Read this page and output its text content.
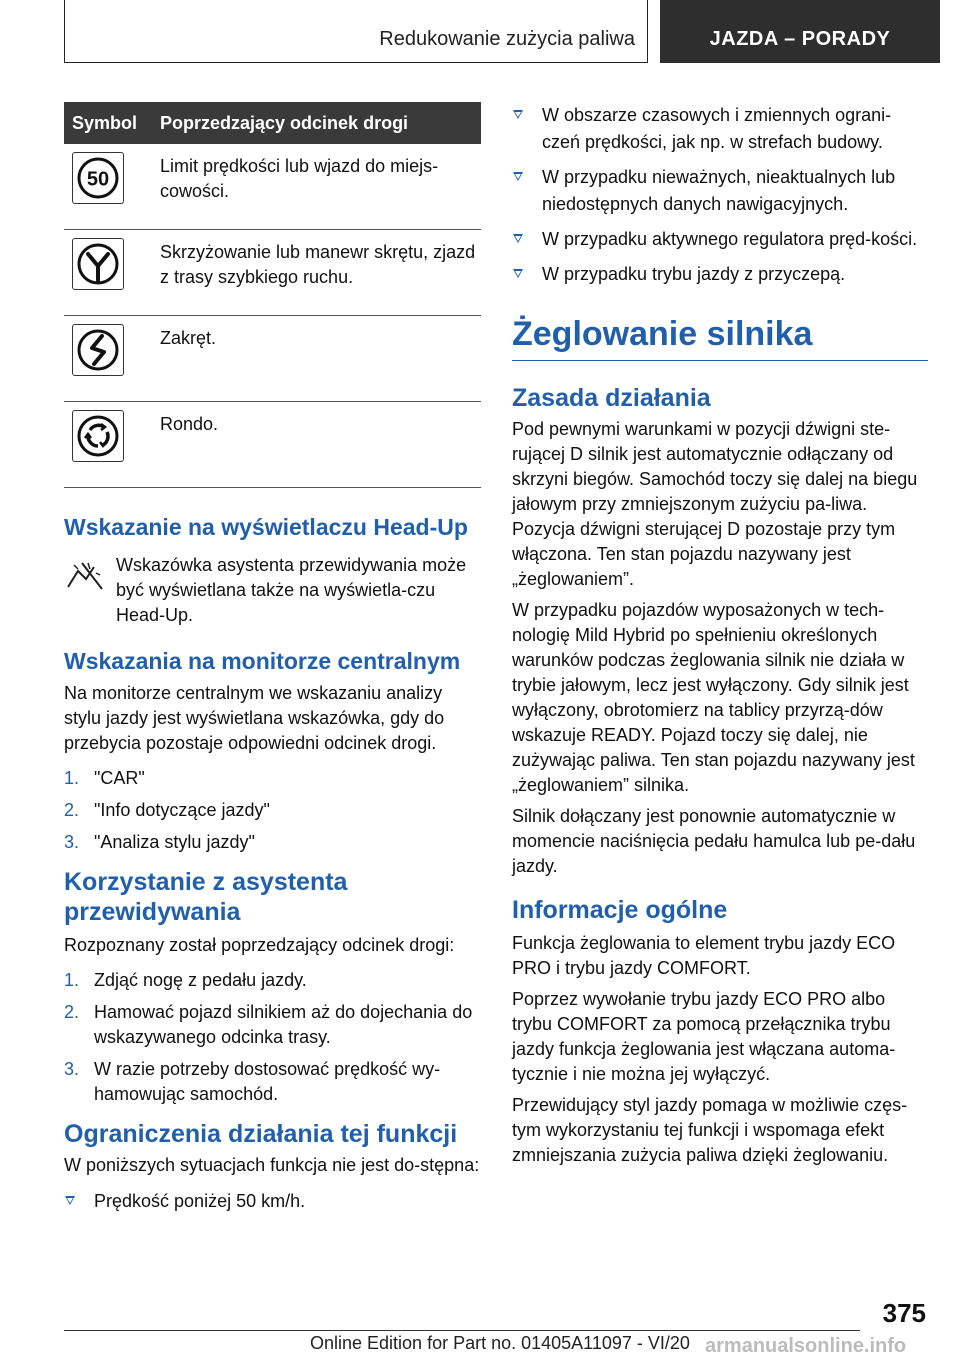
Redukowanie zużycia paliwa	JAZDA – PORADY
Symbol	Poprzedzający odcinek drogi

50	Limit prędkości lub wjazd do miejs-cowości.

	Skrzyżowanie lub manewr skrętu, zjazd z trasy szybkiego ruchu.

	Zakręt.

	Rondo.
Wskazanie na wyświetlaczu Head-Up
Wskazówka asystenta przewidywania może być wyświetlana także na wyświetla-czu Head-Up.
Wskazania na monitorze centralnym

Na monitorze centralnym we wskazaniu analizy stylu jazdy jest wyświetlana wskazówka, gdy do przebycia pozostaje odpowiedni odcinek drogi.

1. "CAR"
2. "Info dotyczące jazdy"
3. "Analiza stylu jazdy"
Korzystanie z asystenta przewidywania

Rozpoznany został poprzedzający odcinek drogi:

1. Zdjąć nogę z pedału jazdy.
2. Hamować pojazd silnikiem aż do dojechania do wskazywanego odcinka trasy.
3. W razie potrzeby dostosować prędkość wy-hamowując samochód.
Ograniczenia działania tej funkcji

W poniższych sytuacjach funkcja nie jest do-stępna:

Prędkość poniżej 50 km/h.
W obszarze czasowych i zmiennych ograni-czeń prędkości, jak np. w strefach budowy.
W przypadku nieważnych, nieaktualnych lub niedostępnych danych nawigacyjnych.
W przypadku aktywnego regulatora pręd-kości.
W przypadku trybu jazdy z przyczepą.
Żeglowanie silnika
Zasada działania

Pod pewnymi warunkami w pozycji dźwigni ste-rującej D silnik jest automatycznie odłączany od skrzyni biegów. Samochód toczy się dalej na biegu jałowym przy zmniejszonym zużyciu pa-liwa. Pozycja dźwigni sterującej D pozostaje przy tym włączona. Ten stan pojazdu nazywany jest „żeglowaniem”.

W przypadku pojazdów wyposażonych w tech-nologię Mild Hybrid po spełnieniu określonych warunków podczas żeglowania silnik nie działa w trybie jałowym, lecz jest wyłączony. Gdy silnik jest wyłączony, obrotomierz na tablicy przyrzą-dów wskazuje READY. Pojazd toczy się dalej, nie zużywając paliwa. Ten stan pojazdu nazywany jest „żeglowaniem” silnika.

Silnik dołączany jest ponownie automatycznie w momencie naciśnięcia pedału hamulca lub pe-dału jazdy.

Informacje ogólne

Funkcja żeglowania to element trybu jazdy ECO PRO i trybu jazdy COMFORT.

Poprzez wywołanie trybu jazdy ECO PRO albo trybu COMFORT za pomocą przełącznika trybu jazdy funkcja żeglowania jest włączana automa-tycznie i nie można jej wyłączyć.

Przewidujący styl jazdy pomaga w możliwie częs-tym wykorzystaniu tej funkcji i wspomaga efekt zmniejszania zużycia paliwa dzięki żeglowaniu.

375
Online Edition for Part no. 01405A11097 - VI/20 armanualsonline.info
